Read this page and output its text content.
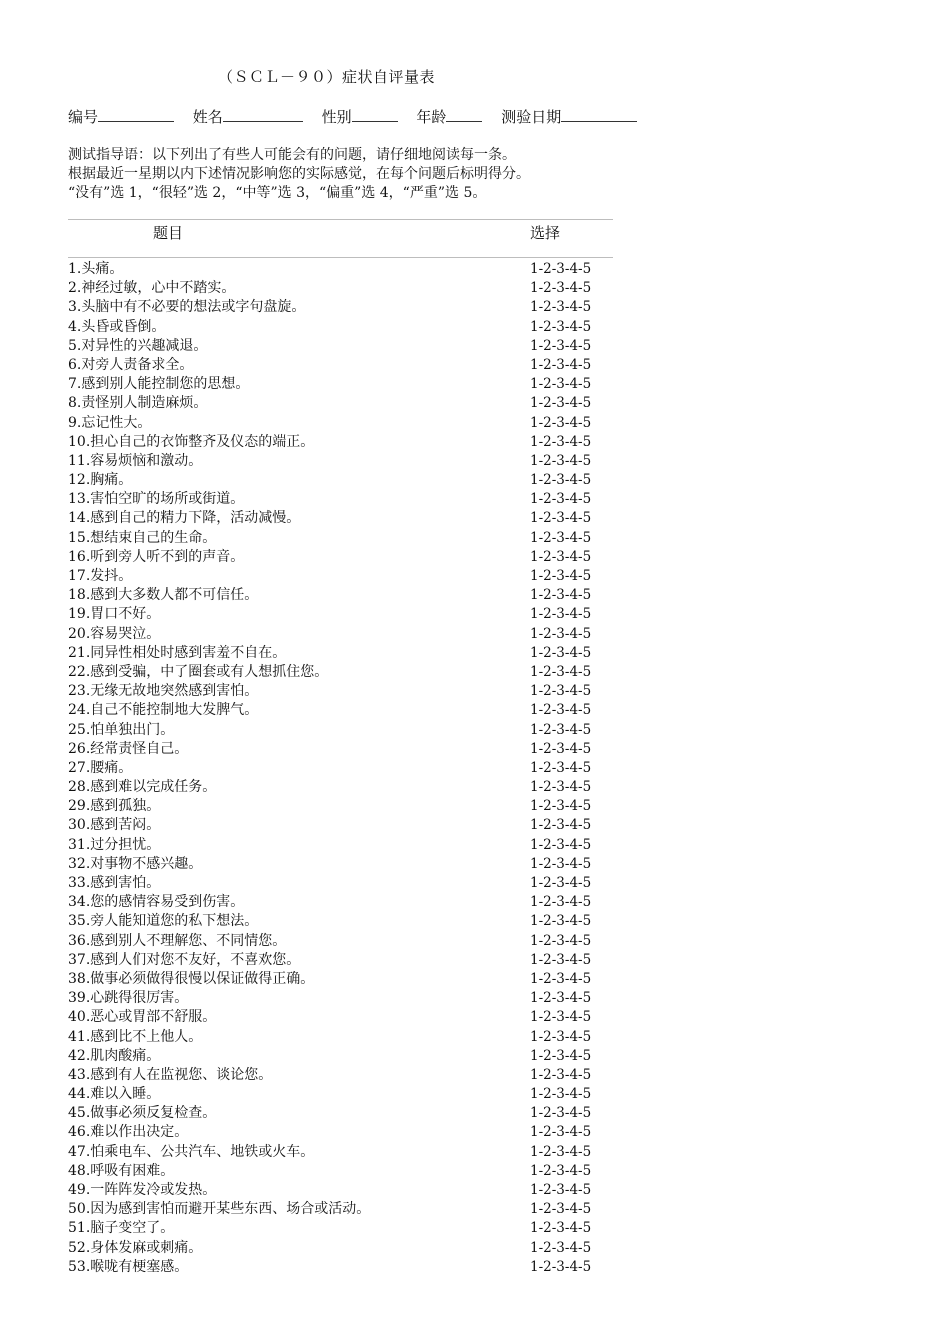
（ＳＣＬ－９０）症状自评量表
编号	姓名	性别	年龄	测验日期
测试指导语：以下列出了有些人可能会有的问题，请仔细地阅读每一条。
根据最近一星期以内下述情况影响您的实际感觉，在每个问题后标明得分。
“没有”选 1，“很轻”选 2，“中等”选 3，“偏重”选 4，“严重”选 5。
题目	选择
1.头痛。	1-2-3-4-5
2.神经过敏，心中不踏实。	1-2-3-4-5
3.头脑中有不必要的想法或字句盘旋。	1-2-3-4-5
4.头昏或昏倒。	1-2-3-4-5
5.对异性的兴趣减退。	1-2-3-4-5
6.对旁人责备求全。	1-2-3-4-5
7.感到别人能控制您的思想。	1-2-3-4-5
8.责怪别人制造麻烦。	1-2-3-4-5
9.忘记性大。	1-2-3-4-5
10.担心自己的衣饰整齐及仪态的端正。	1-2-3-4-5
11.容易烦恼和激动。	1-2-3-4-5
12.胸痛。	1-2-3-4-5
13.害怕空旷的场所或街道。	1-2-3-4-5
14.感到自己的精力下降，活动减慢。	1-2-3-4-5
15.想结束自己的生命。	1-2-3-4-5
16.听到旁人听不到的声音。	1-2-3-4-5
17.发抖。	1-2-3-4-5
18.感到大多数人都不可信任。	1-2-3-4-5
19.胃口不好。	1-2-3-4-5
20.容易哭泣。	1-2-3-4-5
21.同异性相处时感到害羞不自在。	1-2-3-4-5
22.感到受骗，中了圈套或有人想抓住您。	1-2-3-4-5
23.无缘无故地突然感到害怕。	1-2-3-4-5
24.自己不能控制地大发脾气。	1-2-3-4-5
25.怕单独出门。	1-2-3-4-5
26.经常责怪自己。	1-2-3-4-5
27.腰痛。	1-2-3-4-5
28.感到难以完成任务。	1-2-3-4-5
29.感到孤独。	1-2-3-4-5
30.感到苦闷。	1-2-3-4-5
31.过分担忧。	1-2-3-4-5
32.对事物不感兴趣。	1-2-3-4-5
33.感到害怕。	1-2-3-4-5
34.您的感情容易受到伤害。	1-2-3-4-5
35.旁人能知道您的私下想法。	1-2-3-4-5
36.感到别人不理解您、不同情您。	1-2-3-4-5
37.感到人们对您不友好，不喜欢您。	1-2-3-4-5
38.做事必须做得很慢以保证做得正确。	1-2-3-4-5
39.心跳得很厉害。	1-2-3-4-5
40.恶心或胃部不舒服。	1-2-3-4-5
41.感到比不上他人。	1-2-3-4-5
42.肌肉酸痛。	1-2-3-4-5
43.感到有人在监视您、谈论您。	1-2-3-4-5
44.难以入睡。	1-2-3-4-5
45.做事必须反复检查。	1-2-3-4-5
46.难以作出决定。	1-2-3-4-5
47.怕乘电车、公共汽车、地铁或火车。	1-2-3-4-5
48.呼吸有困难。	1-2-3-4-5
49.一阵阵发冷或发热。	1-2-3-4-5
50.因为感到害怕而避开某些东西、场合或活动。	1-2-3-4-5
51.脑子变空了。	1-2-3-4-5
52.身体发麻或刺痛。	1-2-3-4-5
53.喉咙有梗塞感。	1-2-3-4-5
